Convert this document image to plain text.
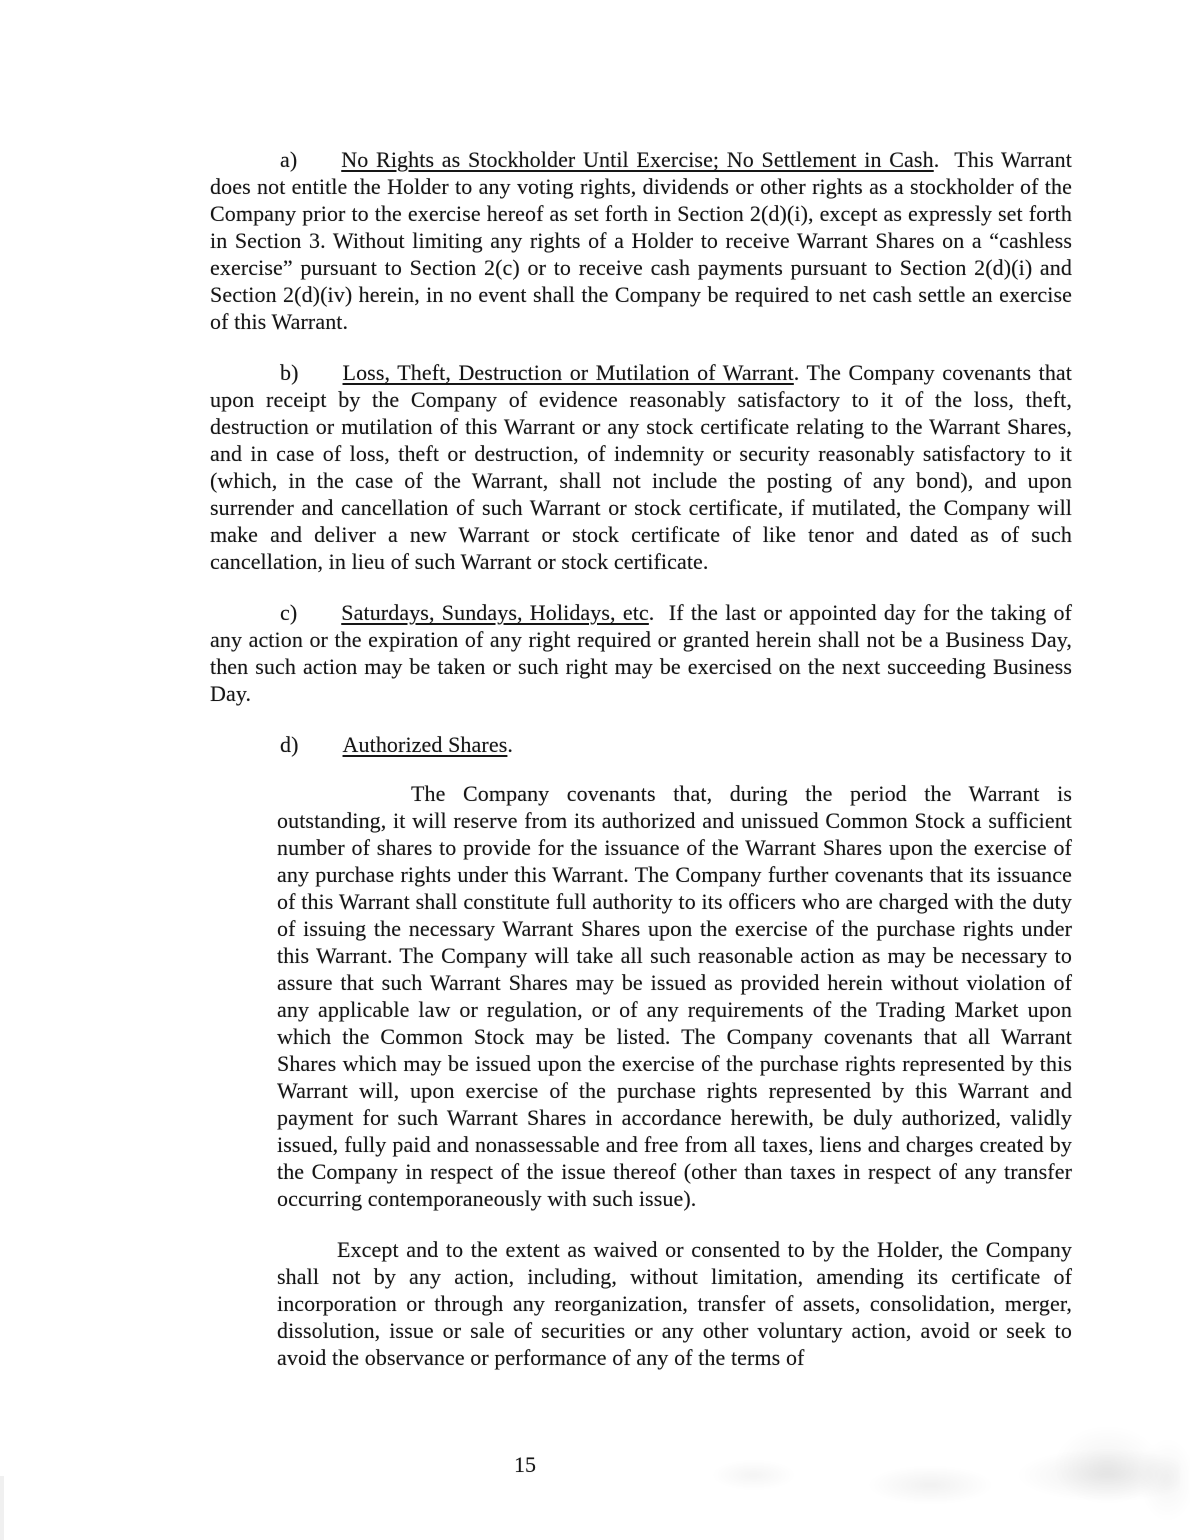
a) No Rights as Stockholder Until Exercise; No Settlement in Cash. This Warrant does not entitle the Holder to any voting rights, dividends or other rights as a stockholder of the Company prior to the exercise hereof as set forth in Section 2(d)(i), except as expressly set forth in Section 3. Without limiting any rights of a Holder to receive Warrant Shares on a “cashless exercise” pursuant to Section 2(c) or to receive cash payments pursuant to Section 2(d)(i) and Section 2(d)(iv) herein, in no event shall the Company be required to net cash settle an exercise of this Warrant.

b) Loss, Theft, Destruction or Mutilation of Warrant. The Company covenants that upon receipt by the Company of evidence reasonably satisfactory to it of the loss, theft, destruction or mutilation of this Warrant or any stock certificate relating to the Warrant Shares, and in case of loss, theft or destruction, of indemnity or security reasonably satisfactory to it (which, in the case of the Warrant, shall not include the posting of any bond), and upon surrender and cancellation of such Warrant or stock certificate, if mutilated, the Company will make and deliver a new Warrant or stock certificate of like tenor and dated as of such cancellation, in lieu of such Warrant or stock certificate.

c) Saturdays, Sundays, Holidays, etc. If the last or appointed day for the taking of any action or the expiration of any right required or granted herein shall not be a Business Day, then such action may be taken or such right may be exercised on the next succeeding Business Day.

d) Authorized Shares.

The Company covenants that, during the period the Warrant is outstanding, it will reserve from its authorized and unissued Common Stock a sufficient number of shares to provide for the issuance of the Warrant Shares upon the exercise of any purchase rights under this Warrant. The Company further covenants that its issuance of this Warrant shall constitute full authority to its officers who are charged with the duty of issuing the necessary Warrant Shares upon the exercise of the purchase rights under this Warrant. The Company will take all such reasonable action as may be necessary to assure that such Warrant Shares may be issued as provided herein without violation of any applicable law or regulation, or of any requirements of the Trading Market upon which the Common Stock may be listed. The Company covenants that all Warrant Shares which may be issued upon the exercise of the purchase rights represented by this Warrant will, upon exercise of the purchase rights represented by this Warrant and payment for such Warrant Shares in accordance herewith, be duly authorized, validly issued, fully paid and nonassessable and free from all taxes, liens and charges created by the Company in respect of the issue thereof (other than taxes in respect of any transfer occurring contemporaneously with such issue).

Except and to the extent as waived or consented to by the Holder, the Company shall not by any action, including, without limitation, amending its certificate of incorporation or through any reorganization, transfer of assets, consolidation, merger, dissolution, issue or sale of securities or any other voluntary action, avoid or seek to avoid the observance or performance of any of the terms of

15
